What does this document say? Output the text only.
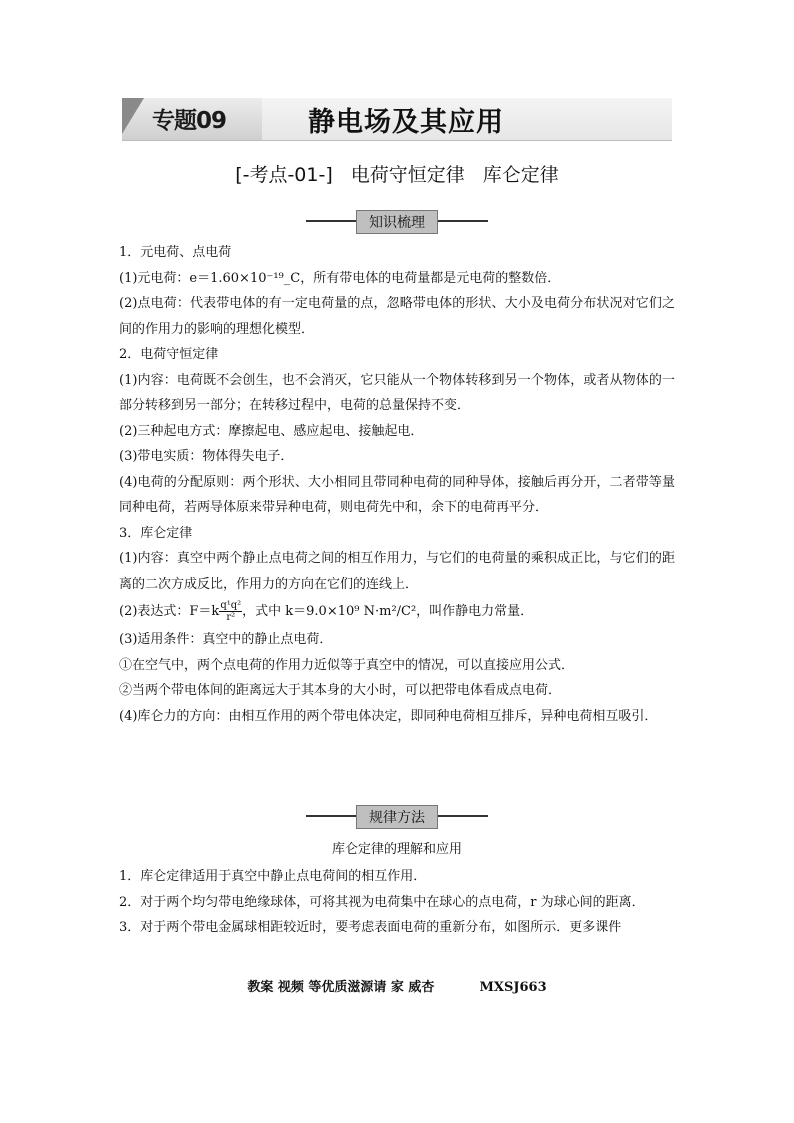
专题09	静电场及其应用
[-考点-01-] 电荷守恒定律 库仑定律
知识梳理

1．元电荷、点电荷

(1)元电荷：e＝1.60×10⁻¹⁹_C，所有带电体的电荷量都是元电荷的整数倍．

(2)点电荷：代表带电体的有一定电荷量的点，忽略带电体的形状、大小及电荷分布状况对它们之间的作用力的影响的理想化模型．

2．电荷守恒定律

(1)内容：电荷既不会创生，也不会消灭，它只能从一个物体转移到另一个物体，或者从物体的一部分转移到另一部分；在转移过程中，电荷的总量保持不变．

(2)三种起电方式：摩擦起电、感应起电、接触起电．

(3)带电实质：物体得失电子．

(4)电荷的分配原则：两个形状、大小相同且带同种电荷的同种导体，接触后再分开，二者带等量同种电荷，若两导体原来带异种电荷，则电荷先中和，余下的电荷再平分．

3．库仑定律

(1)内容：真空中两个静止点电荷之间的相互作用力，与它们的电荷量的乘积成正比，与它们的距离的二次方成反比，作用力的方向在它们的连线上．

(2)表达式：$F=k \frac{\text{q¹q²}}{\text{r²}}$ ，式中 k＝9.0×10⁹ N·m²/C²，叫作静电力常量．

(3)适用条件：真空中的静止点电荷．

①在空气中，两个点电荷的作用力近似等于真空中的情况，可以直接应用公式．

②当两个带电体间的距离远大于其本身的大小时，可以把带电体看成点电荷．

(4)库仑力的方向：由相互作用的两个带电体决定，即同种电荷相互排斥，异种电荷相互吸引．

规律方法
库仑定律的理解和应用

1．库仑定律适用于真空中静止点电荷间的相互作用．

2．对于两个均匀带电绝缘球体，可将其视为电荷集中在球心的点电荷，r 为球心间的距离．

3．对于两个带电金属球相距较近时，要考虑表面电荷的重新分布，如图所示．更多课件

教案 视频 等优质滋源请 家 威杏	MXSJ663
